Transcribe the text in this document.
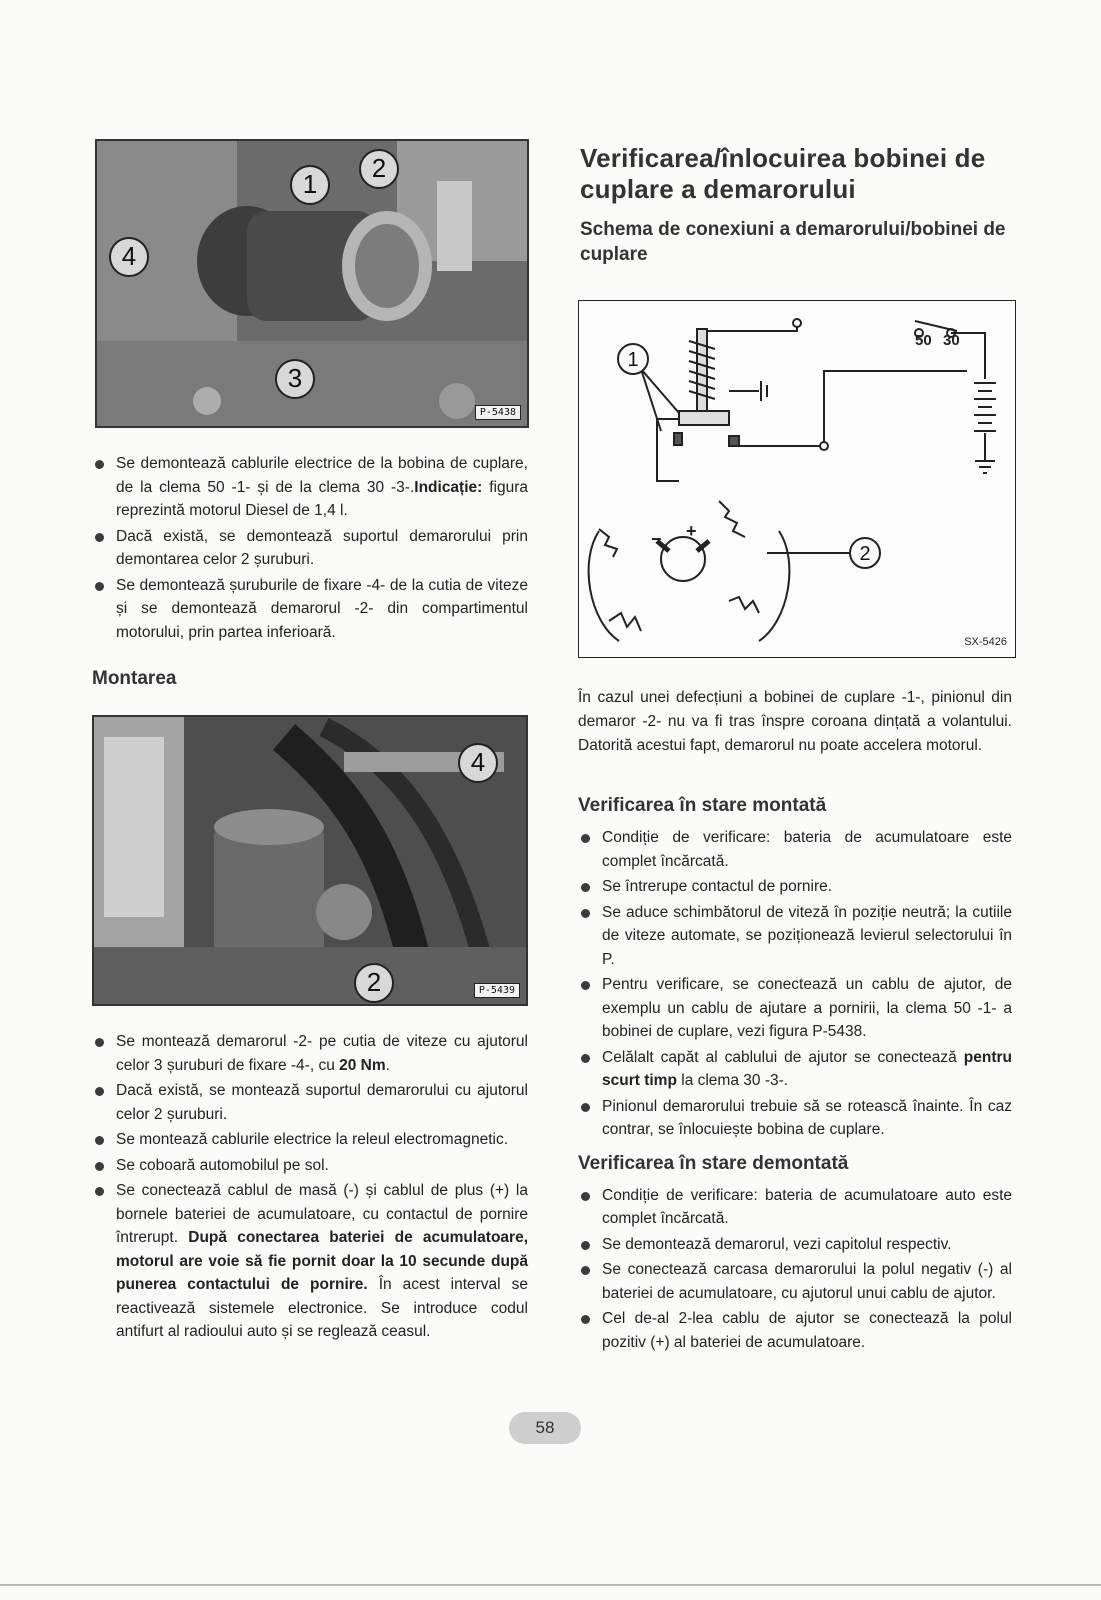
1
2
4
3
P-5438
Se demontează cablurile electrice de la bobina de cuplare, de la clema 50 -1- și de la clema 30 -3-.Indicație: figura reprezintă motorul Diesel de 1,4 l.
Dacă există, se demontează suportul demarorului prin demontarea celor 2 șuruburi.
Se demontează șuruburile de fixare -4- de la cutia de viteze și se demontează demarorul -2- din compartimentul motorului, prin partea inferioară.
Montarea
4
2	P-5439
Se montează demarorul -2- pe cutia de viteze cu ajutorul celor 3 șuruburi de fixare -4-, cu 20 Nm.
Dacă există, se montează suportul demarorului cu ajutorul celor 2 șuruburi.
Se montează cablurile electrice la releul electromagnetic.
Se coboară automobilul pe sol.
Se conectează cablul de masă (-) și cablul de plus (+) la bornele bateriei de acumulatoare, cu contactul de pornire întrerupt. După conectarea bateriei de acumulatoare, motorul are voie să fie pornit doar la 10 secunde după punerea contactului de pornire. În acest interval se reactivează sistemele electronice. Se introduce codul antifurt al radioului auto și se reglează ceasul.
Verificarea/înlocuirea bobinei de cuplare a demarorului
Schema de conexiuni a demarorului/bobinei de cuplare
50 30
+
−
1
2
SX-5426

În cazul unei defecțiuni a bobinei de cuplare -1-, pinionul din demaror -2- nu va fi tras înspre coroana dințată a volantului. Datorită acestui fapt, demarorul nu poate accelera motorul.

Verificarea în stare montată
Condiție de verificare: bateria de acumulatoare este complet încărcată.
Se întrerupe contactul de pornire.
Se aduce schimbătorul de viteză în poziție neutră; la cutiile de viteze automate, se poziționează levierul selectorului în P.
Pentru verificare, se conectează un cablu de ajutor, de exemplu un cablu de ajutare a pornirii, la clema 50 -1- a bobinei de cuplare, vezi figura P-5438.
Celălalt capăt al cablului de ajutor se conectează pentru scurt timp la clema 30 -3-.
Pinionul demarorului trebuie să se rotească înainte. În caz contrar, se înlocuiește bobina de cuplare.
Verificarea în stare demontată
Condiție de verificare: bateria de acumulatoare auto este complet încărcată.
Se demontează demarorul, vezi capitolul respectiv.
Se conectează carcasa demarorului la polul negativ (-) al bateriei de acumulatoare, cu ajutorul unui cablu de ajutor.
Cel de-al 2-lea cablu de ajutor se conectează la polul pozitiv (+) al bateriei de acumulatoare.
58
